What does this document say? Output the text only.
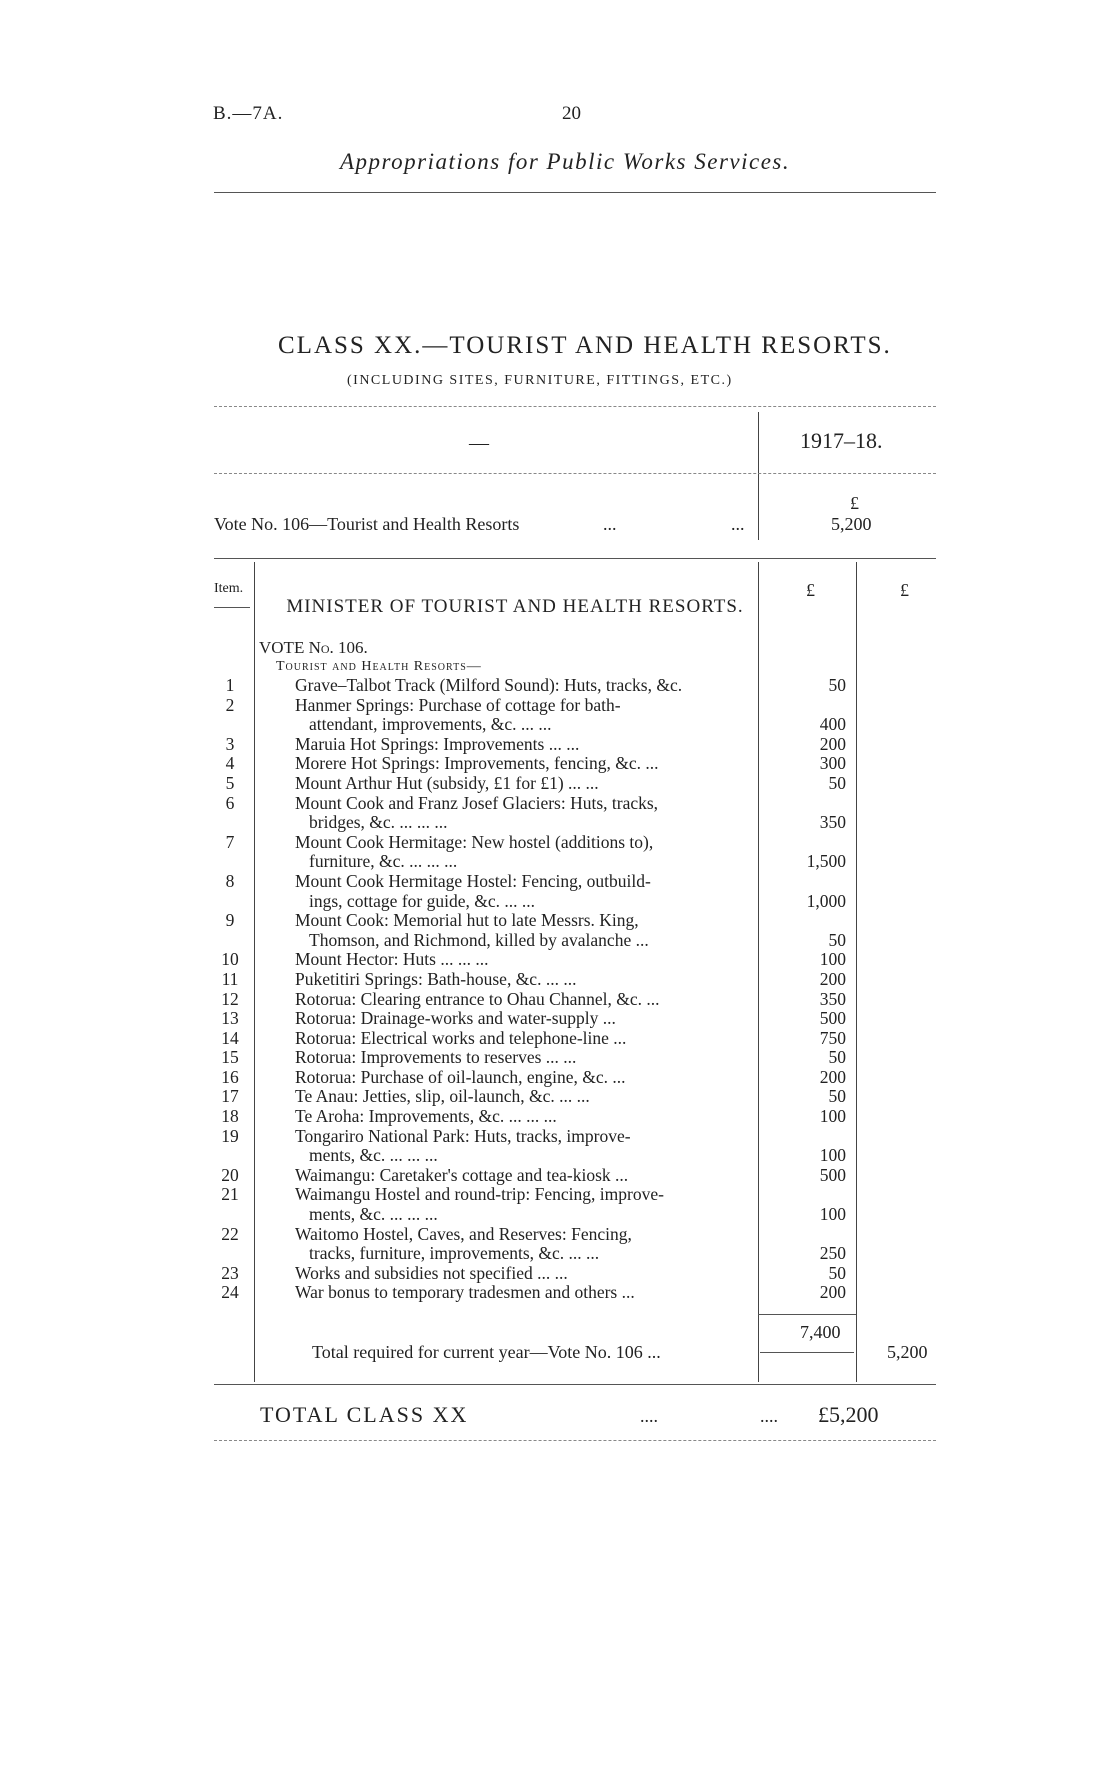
B.—7A.	20
Appropriations for Public Works Services.
CLASS XX.—TOURIST AND HEALTH RESORTS.
(INCLUDING SITES, FURNITURE, FITTINGS, ETC.)
—	1917–18.
£
Vote No. 106—Tourist and Health Resorts	...	...	5,200
Item.	£	£
MINISTER OF TOURIST AND HEALTH RESORTS.
VOTE No. 106.
Tourist and Health Resorts—
1	Grave–Talbot Track (Milford Sound): Huts, tracks, &c.	50
2	Hanmer Springs: Purchase of cottage for bath-
attendant, improvements, &c. ... ...	400
3	Maruia Hot Springs: Improvements ... ...	200
4	Morere Hot Springs: Improvements, fencing, &c. ...	300
5	Mount Arthur Hut (subsidy, £1 for £1) ... ...	50
6	Mount Cook and Franz Josef Glaciers: Huts, tracks,
bridges, &c. ... ... ...	350
7	Mount Cook Hermitage: New hostel (additions to),
furniture, &c. ... ... ...	1,500
8	Mount Cook Hermitage Hostel: Fencing, outbuild-
ings, cottage for guide, &c. ... ...	1,000
9	Mount Cook: Memorial hut to late Messrs. King,
Thomson, and Richmond, killed by avalanche ...	50
10	Mount Hector: Huts ... ... ...	100
11	Puketitiri Springs: Bath-house, &c. ... ...	200
12	Rotorua: Clearing entrance to Ohau Channel, &c. ...	350
13	Rotorua: Drainage-works and water-supply ...	500
14	Rotorua: Electrical works and telephone-line ...	750
15	Rotorua: Improvements to reserves ... ...	50
16	Rotorua: Purchase of oil-launch, engine, &c. ...	200
17	Te Anau: Jetties, slip, oil-launch, &c. ... ...	50
18	Te Aroha: Improvements, &c. ... ... ...	100
19	Tongariro National Park: Huts, tracks, improve-
ments, &c. ... ... ...	100
20	Waimangu: Caretaker's cottage and tea-kiosk ...	500
21	Waimangu Hostel and round-trip: Fencing, improve-
ments, &c. ... ... ...	100
22	Waitomo Hostel, Caves, and Reserves: Fencing,
tracks, furniture, improvements, &c. ... ...	250
23	Works and subsidies not specified ... ...	50
24	War bonus to temporary tradesmen and others ...	200
7,400
Total required for current year—Vote No. 106 ...	5,200
TOTAL CLASS XX	....	.... £5,200
